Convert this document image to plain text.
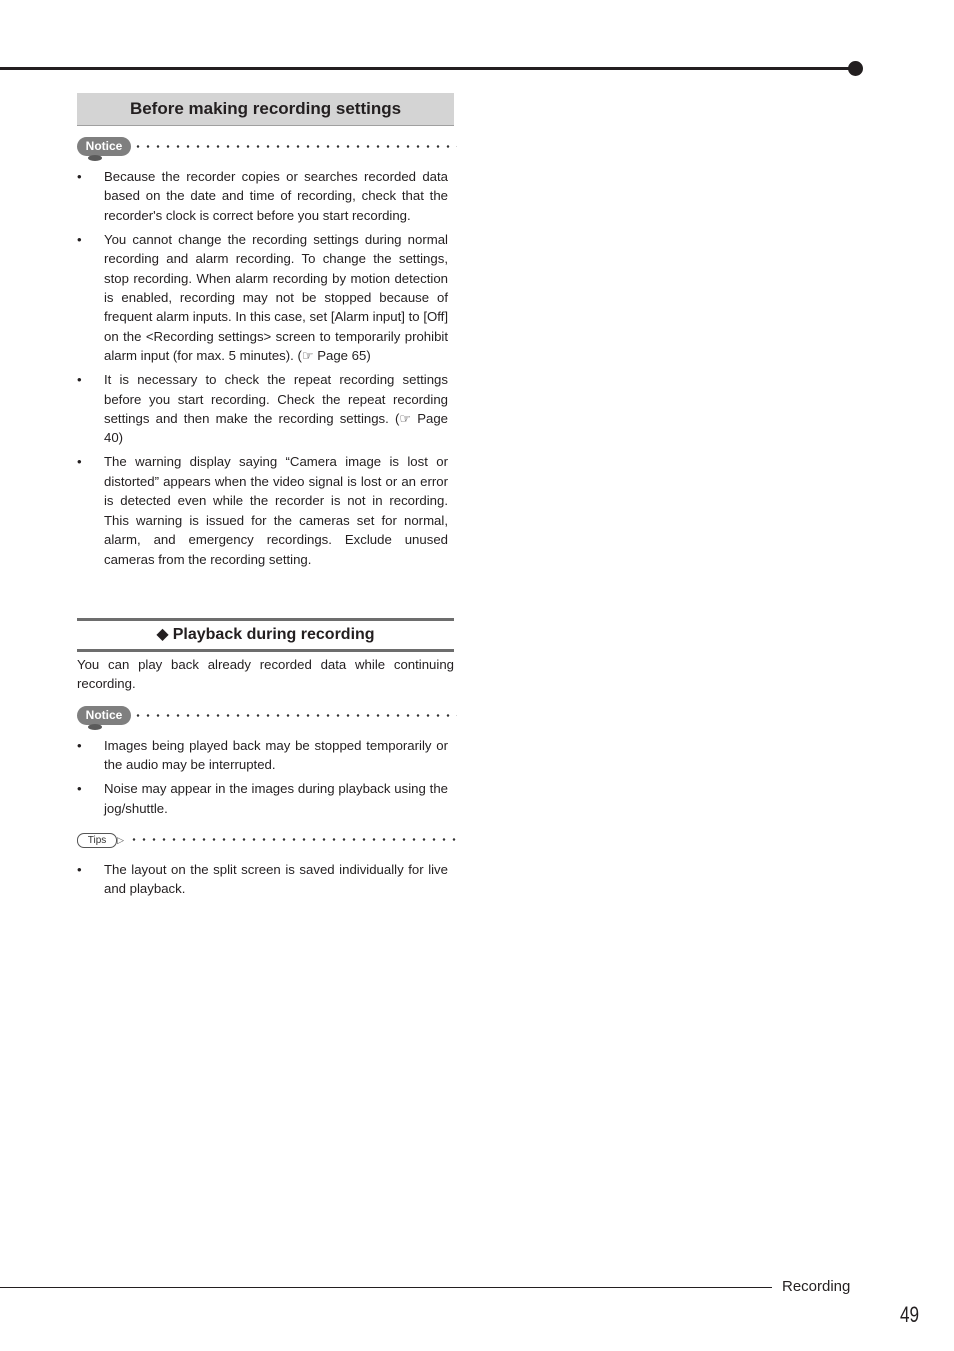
Before making recording settings
Notice
• Because the recorder copies or searches recorded data based on the date and time of recording, check that the recorder's clock is correct before you start recording.
• You cannot change the recording settings during normal recording and alarm recording. To change the settings, stop recording. When alarm recording by motion detection is enabled, recording may not be stopped because of frequent alarm inputs. In this case, set [Alarm input] to [Off] on the <Recording settings> screen to temporarily prohibit alarm input (for max. 5 minutes). (☞ Page 65)
• It is necessary to check the repeat recording settings before you start recording. Check the repeat recording settings and then make the recording settings. (☞ Page 40)
• The warning display saying “Camera image is lost or distorted” appears when the video signal is lost or an error is detected even while the recorder is not in recording. This warning is issued for the cameras set for normal, alarm, and emergency recordings. Exclude unused cameras from the recording setting.
◆ Playback during recording

You can play back already recorded data while continuing recording.

Notice
• Images being played back may be stopped temporarily or the audio may be interrupted.
• Noise may appear in the images during playback using the jog/shuttle.
Tips ▷
• The layout on the split screen is saved individually for live and playback.
Recording
49
